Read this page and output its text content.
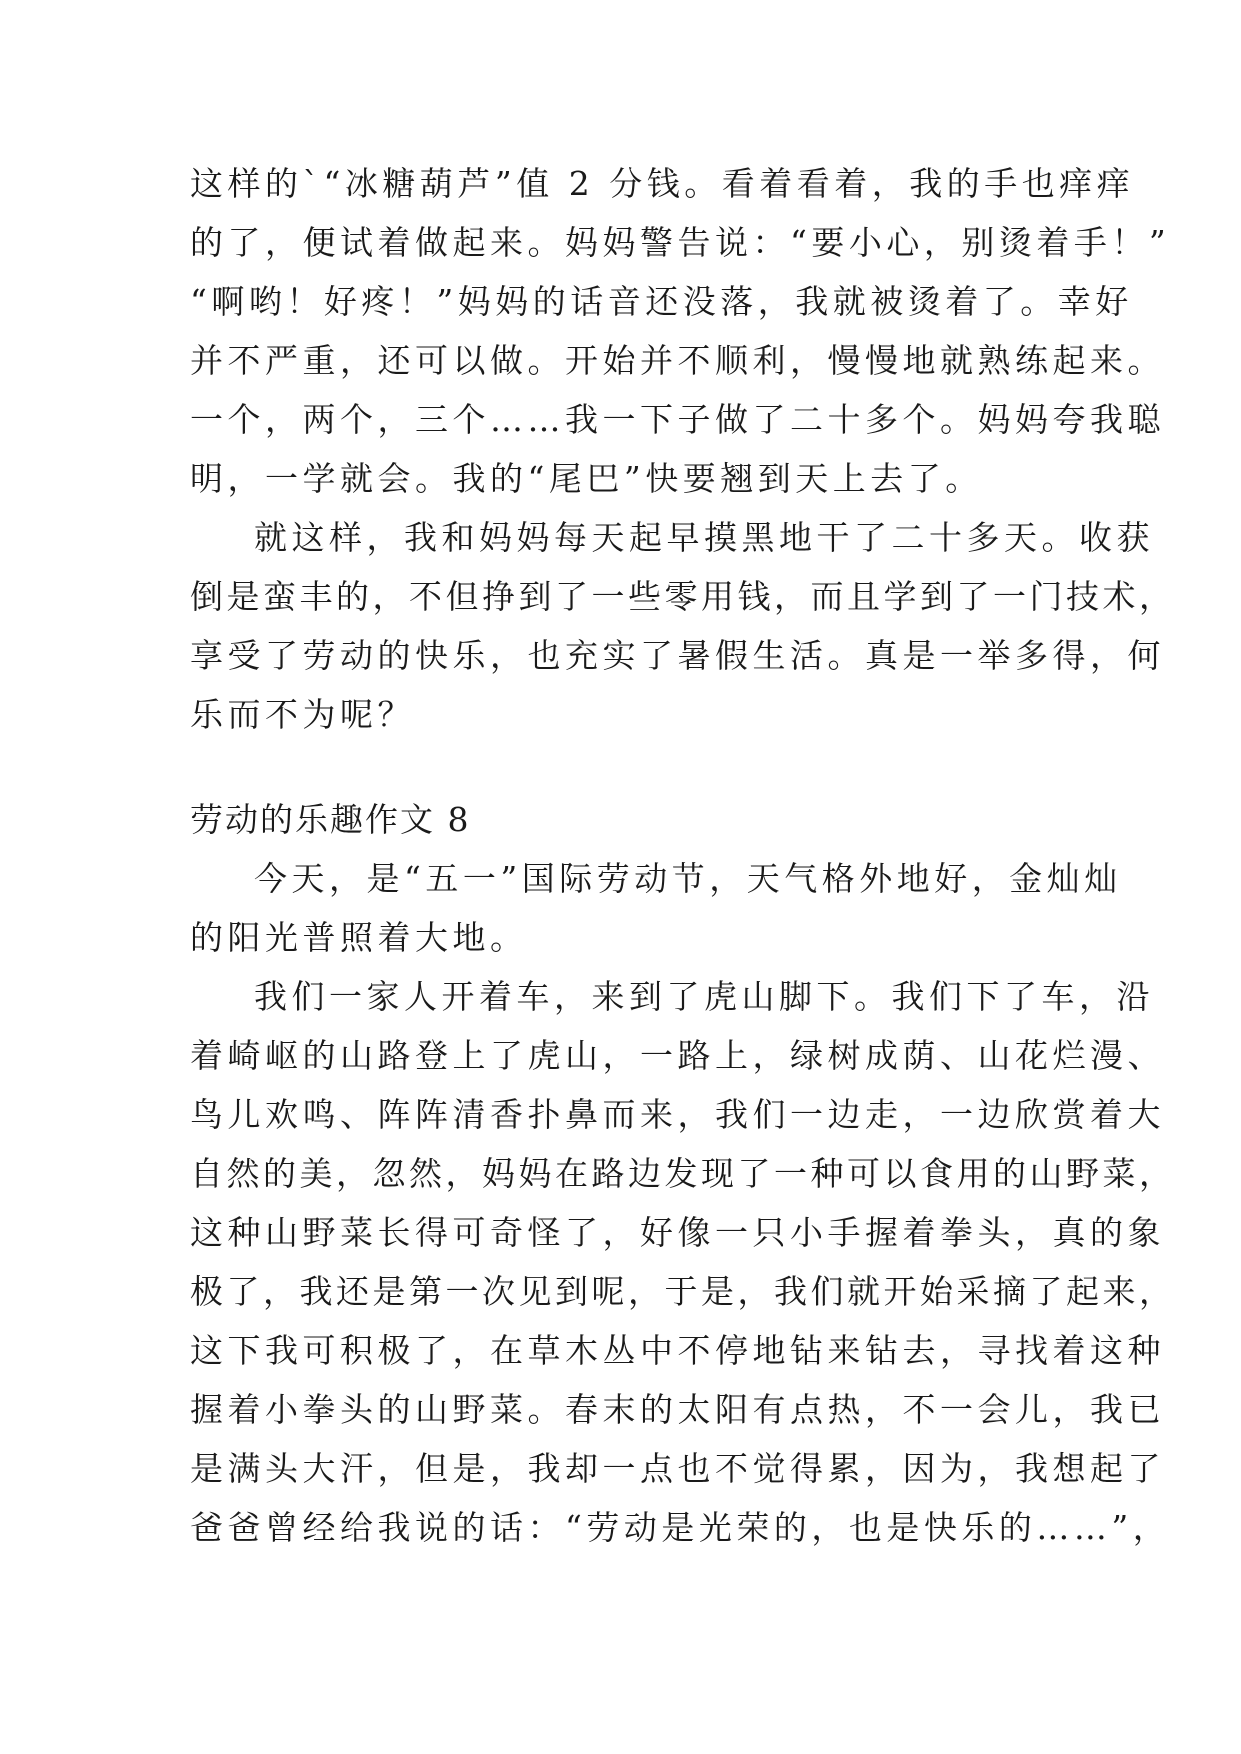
这样的`“冰糖葫芦”值 2 分钱。看着看着，我的手也痒痒
的了，便试着做起来。妈妈警告说：“要小心，别烫着手！”
“啊哟！好疼！”妈妈的话音还没落，我就被烫着了。幸好
并不严重，还可以做。开始并不顺利，慢慢地就熟练起来。
一个，两个，三个……我一下子做了二十多个。妈妈夸我聪
明，一学就会。我的“尾巴”快要翘到天上去了。
就这样，我和妈妈每天起早摸黑地干了二十多天。收获
倒是蛮丰的，不但挣到了一些零用钱，而且学到了一门技术，
享受了劳动的快乐，也充实了暑假生活。真是一举多得，何
乐而不为呢？
劳动的乐趣作文 8
今天，是“五一”国际劳动节，天气格外地好，金灿灿
的阳光普照着大地。
我们一家人开着车，来到了虎山脚下。我们下了车，沿
着崎岖的山路登上了虎山，一路上，绿树成荫、山花烂漫、
鸟儿欢鸣、阵阵清香扑鼻而来，我们一边走，一边欣赏着大
自然的美，忽然，妈妈在路边发现了一种可以食用的山野菜，
这种山野菜长得可奇怪了，好像一只小手握着拳头，真的象
极了，我还是第一次见到呢，于是，我们就开始采摘了起来，
这下我可积极了，在草木丛中不停地钻来钻去，寻找着这种
握着小拳头的山野菜。春末的太阳有点热，不一会儿，我已
是满头大汗，但是，我却一点也不觉得累，因为，我想起了
爸爸曾经给我说的话：“劳动是光荣的，也是快乐的……”，
